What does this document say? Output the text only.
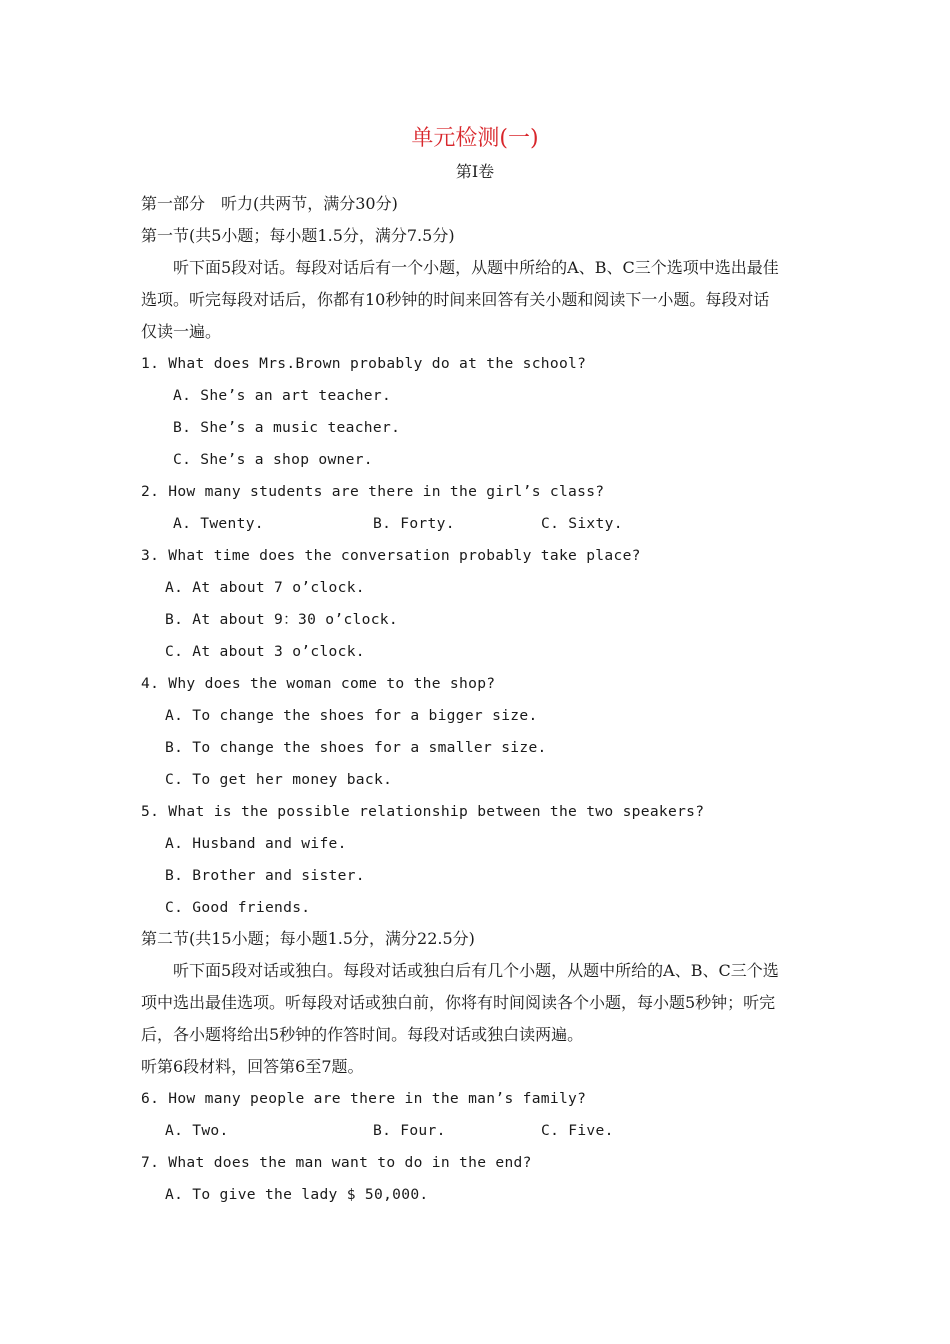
单元检测(一)
第Ⅰ卷
第一部分　听力(共两节，满分30分)
第一节(共5小题；每小题1.5分，满分7.5分)
听下面5段对话。每段对话后有一个小题，从题中所给的A、B、C三个选项中选出最佳
选项。听完每段对话后，你都有10秒钟的时间来回答有关小题和阅读下一小题。每段对话
仅读一遍。
1. What does Mrs.Brown probably do at the school?
A. She’s an art teacher.
B. She’s a music teacher.
C. She’s a shop owner.
2. How many students are there in the girl’s class?
A. Twenty.	B. Forty.	C. Sixty.
3. What time does the conversation probably take place?
A. At about 7 o’clock.
B. At about 9：30 o’clock.
C. At about 3 o’clock.
4. Why does the woman come to the shop?
A. To change the shoes for a bigger size.
B. To change the shoes for a smaller size.
C. To get her money back.
5. What is the possible relationship between the two speakers?
A. Husband and wife.
B. Brother and sister.
C. Good friends.
第二节(共15小题；每小题1.5分，满分22.5分)
听下面5段对话或独白。每段对话或独白后有几个小题，从题中所给的A、B、C三个选
项中选出最佳选项。听每段对话或独白前，你将有时间阅读各个小题，每小题5秒钟；听完
后，各小题将给出5秒钟的作答时间。每段对话或独白读两遍。
听第6段材料，回答第6至7题。
6. How many people are there in the man’s family?
A. Two.	B. Four.	C. Five.
7. What does the man want to do in the end?
A. To give the lady $ 50,000.
